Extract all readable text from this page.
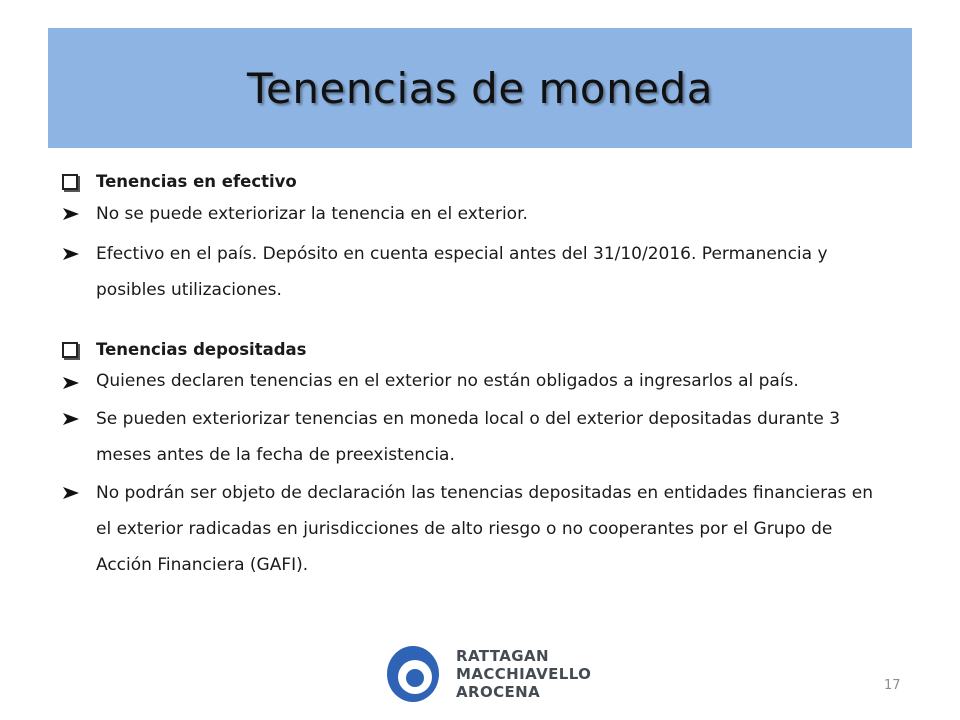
Tenencias de moneda
Tenencias en efectivo
No se puede exteriorizar la tenencia en el exterior.
Efectivo en el país. Depósito en cuenta especial antes del 31/10/2016. Permanencia y posibles utilizaciones.
Tenencias depositadas
Quienes declaren tenencias en el exterior no están obligados a ingresarlos al país.
Se pueden exteriorizar tenencias en moneda local o del exterior depositadas durante 3 meses antes de la fecha de preexistencia.
No podrán ser objeto de declaración las tenencias depositadas en entidades financieras en el exterior radicadas en jurisdicciones de alto riesgo o no cooperantes por el Grupo de Acción Financiera (GAFI).
RATTAGAN
MACCHIAVELLO
AROCENA	17
